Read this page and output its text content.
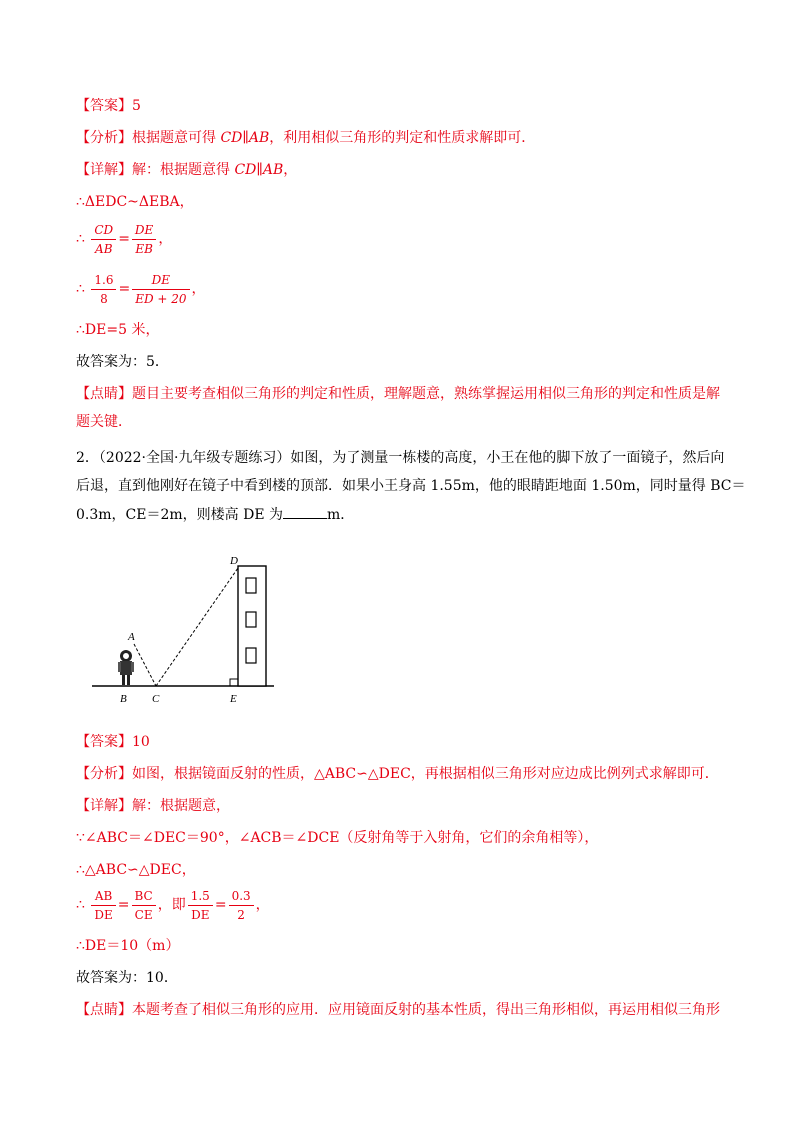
【答案】5
【分析】根据题意可得 CD∥AB，利用相似三角形的判定和性质求解即可．
【详解】解：根据题意得 CD∥AB，
∴ΔEDC~ΔEBA，
∴ $\frac{CD}{AB} = \frac{DE}{EB}$ ，
∴ $\frac{1.6}{8} = \frac{DE}{ED + 20}$ ，
∴DE=5 米，
故答案为：5．
【点睛】题目主要考查相似三角形的判定和性质，理解题意，熟练掌握运用相似三角形的判定和性质是解
题关键．
2．（2022·全国·九年级专题练习）如图，为了测量一栋楼的高度，小王在他的脚下放了一面镜子，然后向
后退，直到他刚好在镜子中看到楼的顶部．如果小王身高 1.55m，他的眼睛距地面 1.50m，同时量得 BC＝
0.3m，CE＝2m，则楼高 DE 为	m．
A
B C
D
E
【答案】10
【分析】如图，根据镜面反射的性质，△ABC∽△DEC，再根据相似三角形对应边成比例列式求解即可．
【详解】解：根据题意，
∵∠ABC＝∠DEC＝90°，∠ACB＝∠DCE（反射角等于入射角，它们的余角相等），
∴△ABC∽△DEC，
∴ $\frac{AB}{DE} = \frac{BC}{CE}$ ，即 $\frac{1.5}{DE} = \frac{0.3}{2}$ ，
∴DE＝10（m）
故答案为：10．
【点睛】本题考查了相似三角形的应用．应用镜面反射的基本性质，得出三角形相似，再运用相似三角形
